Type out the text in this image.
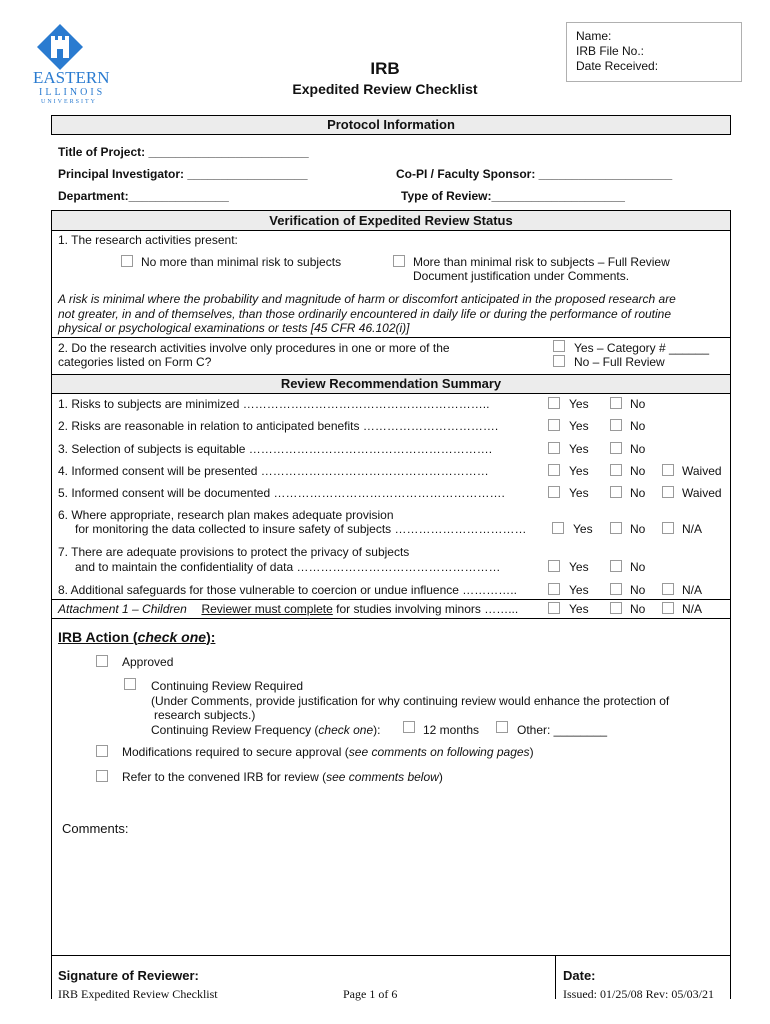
EASTERN
ILLINOIS
UNIVERSITY
IRB
Expedited Review Checklist
Name:
IRB File No.:
Date Received:
Protocol Information
Title of Project: ________________________
Principal Investigator: __________________	Co-PI / Faculty Sponsor: ____________________
Department:_______________	Type of Review:____________________
Verification of Expedited Review Status
1. The research activities present:
No more than minimal risk to subjects	More than minimal risk to subjects – Full Review
Document justification under Comments.
A risk is minimal where the probability and magnitude of harm or discomfort anticipated in the proposed research are
not greater, in and of themselves, than those ordinarily encountered in daily life or during the performance of routine
physical or psychological examinations or tests [45 CFR 46.102(i)]
2. Do the research activities involve only procedures in one or more of the
categories listed on Form C?
Yes – Category # ______
No – Full Review
Review Recommendation Summary
1. Risks to subjects are minimized ……………………………………………………..	Yes	No
2. Risks are reasonable in relation to anticipated benefits …………………………….	Yes	No
3. Selection of subjects is equitable …………………………………………………….	Yes	No
4. Informed consent will be presented …………………………………………………	Yes	No	Waived
5. Informed consent will be documented ………………………………………………….	Yes	No	Waived
6. Where appropriate, research plan makes adequate provision
for monitoring the data collected to insure safety of subjects ……………………………	Yes	No	N/A
7. There are adequate provisions to protect the privacy of subjects
and to maintain the confidentiality of data ……………………………………………	Yes	No
8. Additional safeguards for those vulnerable to coercion or undue influence …………..	Yes	No	N/A
Attachment 1 – Children Reviewer must complete for studies involving minors ……...	Yes	No	N/A
IRB Action (check one):
Approved
Continuing Review Required
(Under Comments, provide justification for why continuing review would enhance the protection of
research subjects.)
Continuing Review Frequency (check one):	12 months	Other: ________
Modifications required to secure approval (see comments on following pages)
Refer to the convened IRB for review (see comments below)
Comments:
Signature of Reviewer:	Date:
IRB Expedited Review Checklist	Page 1 of 6	Issued: 01/25/08 Rev: 05/03/21
